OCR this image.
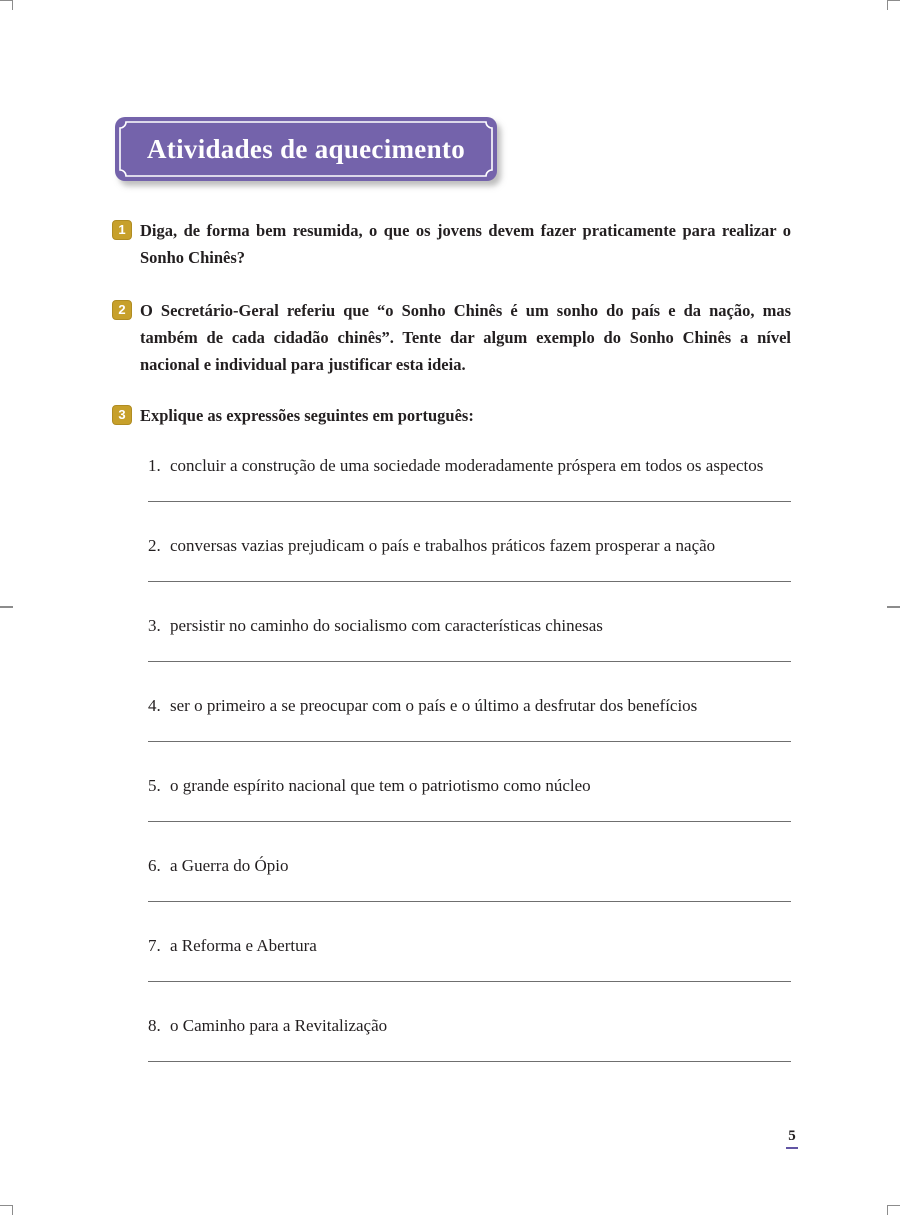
Atividades de aquecimento
1 Diga, de forma bem resumida, o que os jovens devem fazer praticamente para realizar o Sonho Chinês?
2 O Secretário-Geral referiu que “o Sonho Chinês é um sonho do país e da nação, mas também de cada cidadão chinês”. Tente dar algum exemplo do Sonho Chinês a nível nacional e individual para justificar esta ideia.
3 Explique as expressões seguintes em português:
1. concluir a construção de uma sociedade moderadamente próspera em todos os aspectos
2. conversas vazias prejudicam o país e trabalhos práticos fazem prosperar a nação
3. persistir no caminho do socialismo com características chinesas
4. ser o primeiro a se preocupar com o país e o último a desfrutar dos benefícios
5. o grande espírito nacional que tem o patriotismo como núcleo
6. a Guerra do Ópio
7. a Reforma e Abertura
8. o Caminho para a Revitalização
5
